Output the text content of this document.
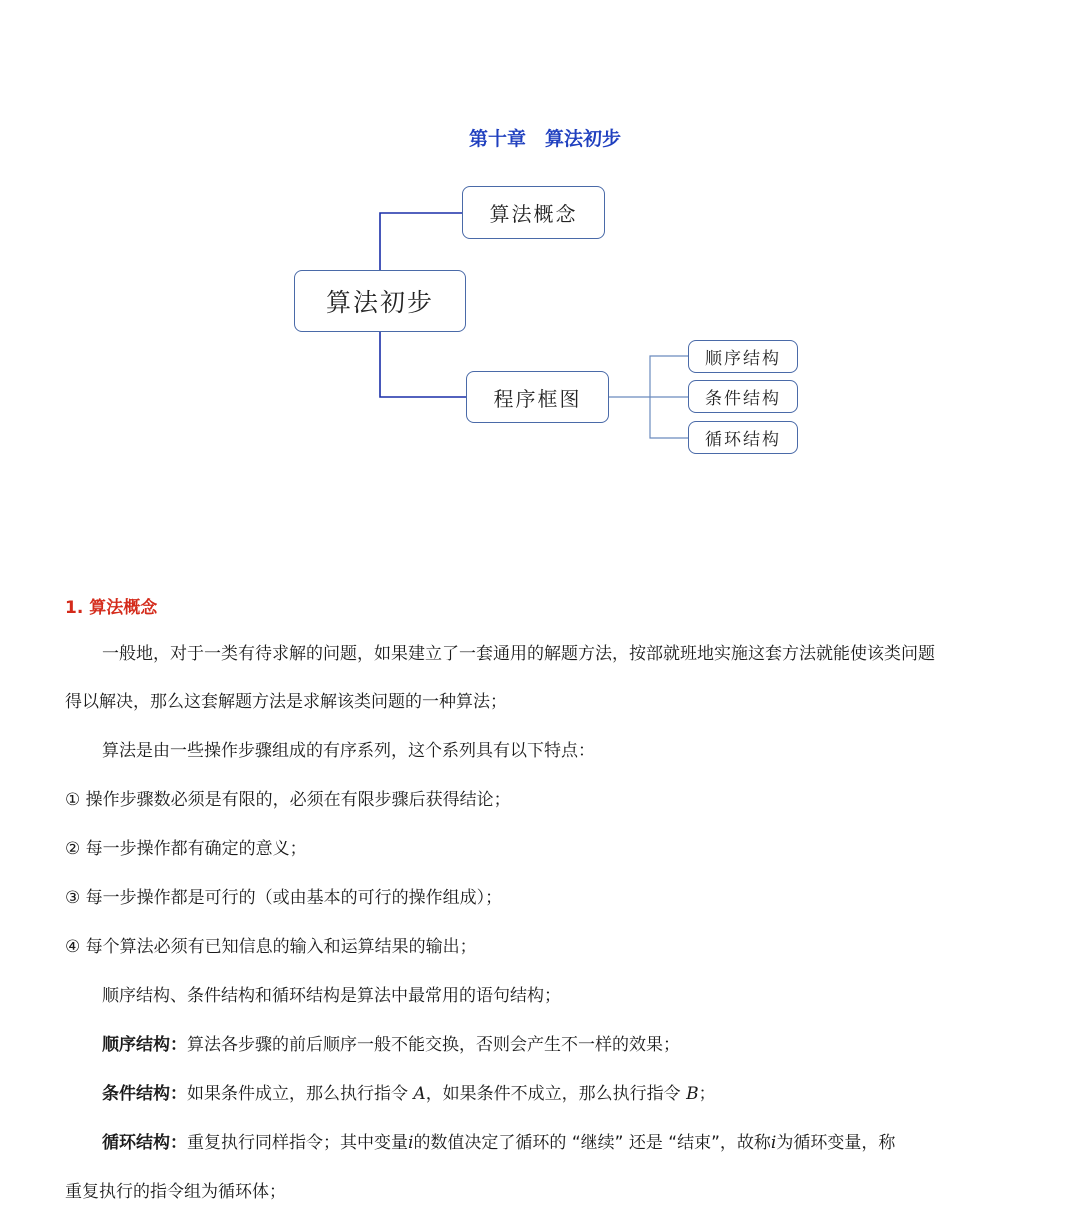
第十章　算法初步
算法初步
算法概念
程序框图
顺序结构
条件结构
循环结构
1. 算法概念
一般地，对于一类有待求解的问题，如果建立了一套通用的解题方法，按部就班地实施这套方法就能使该类问题
得以解决，那么这套解题方法是求解该类问题的一种算法；
算法是由一些操作步骤组成的有序系列，这个系列具有以下特点：
① 操作步骤数必须是有限的，必须在有限步骤后获得结论；
② 每一步操作都有确定的意义；
③ 每一步操作都是可行的（或由基本的可行的操作组成）；
④ 每个算法必须有已知信息的输入和运算结果的输出；
顺序结构、条件结构和循环结构是算法中最常用的语句结构；
顺序结构：算法各步骤的前后顺序一般不能交换，否则会产生不一样的效果；
条件结构：如果条件成立，那么执行指令 A，如果条件不成立，那么执行指令 B；
循环结构：重复执行同样指令；其中变量i的数值决定了循环的 “继续” 还是 “结束”，故称i为循环变量，称
重复执行的指令组为循环体；
